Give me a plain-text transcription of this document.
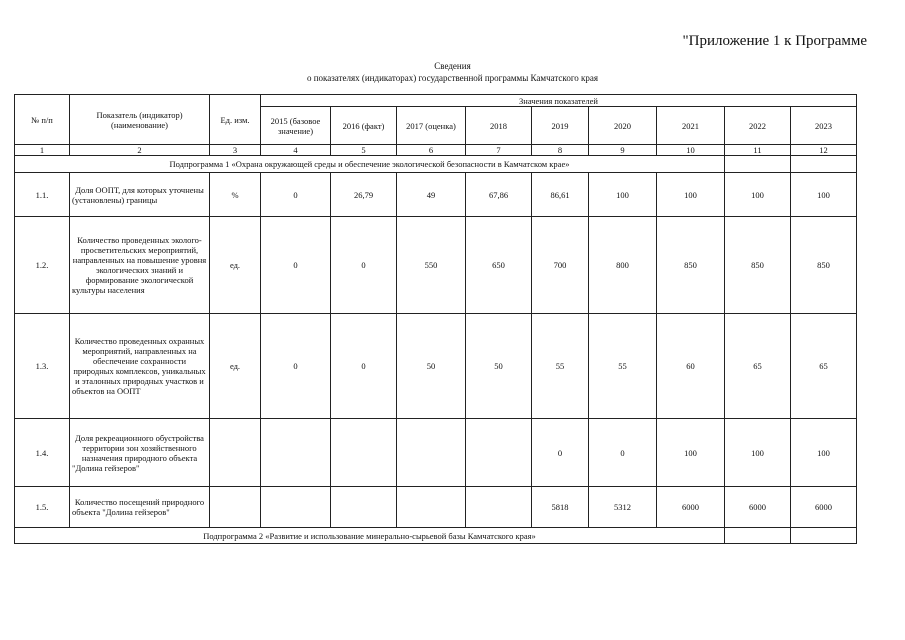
"Приложение 1 к Программе
Сведения
о показателях (индикаторах) государственной программы Камчатского края
№ п/п	Показатель (индикатор) (наименование)	Ед. изм.	Значения показателей								
			2015 (базовое значение)	2016 (факт)	2017 (оценка)	2018	2019	2020	2021	2022	2023
1	2	3	4	5	6	7	8	9	10	11	12
Подпрограмма 1 «Охрана окружающей среды и обеспечение экологической безопасности в Камчатском крае»											
1.1.	Доля ООПТ, для которых уточнены (установлены) границы	%	0	26,79	49	67,86	86,61	100	100	100	100
1.2.	Количество проведенных эколого-просветительских мероприятий, направленных на повышение уровня экологических знаний и формирование экологической культуры населения	ед.	0	0	550	650	700	800	850	850	850
1.3.	Количество проведенных охранных мероприятий, направленных на обеспечение сохранности природных комплексов, уникальных и эталонных природных участков и объектов на ООПТ	ед.	0	0	50	50	55	55	60	65	65
1.4.	Доля рекреационного обустройства территории зон хозяйственного назначения природного объекта "Долина гейзеров"						0	0	100	100	100
1.5.	Количество посещений природного объекта "Долина гейзеров"						5818	5312	6000	6000	6000
Подпрограмма 2 «Развитие и использование минерально-сырьевой базы Камчатского края»											
